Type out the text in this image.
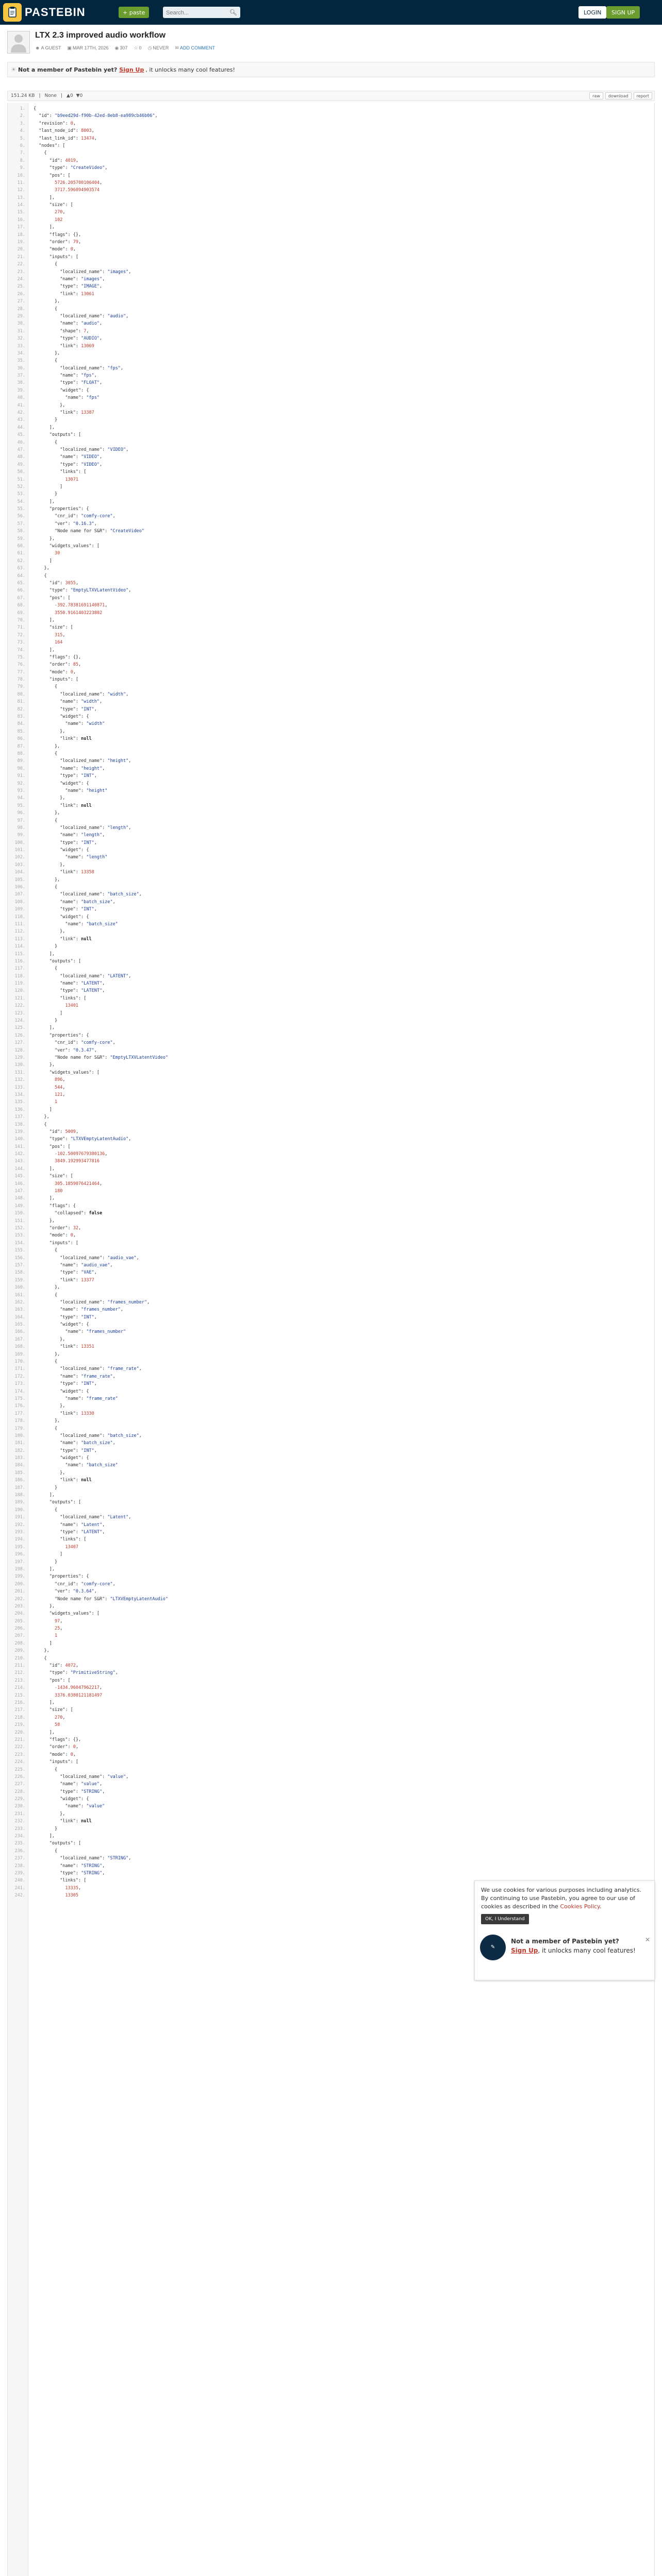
PASTEBIN	+ paste
Search...	🔍︎	LOGIN	SIGN UP
LTX 2.3 improved audio workflow
☻ A GUEST ▣ MAR 17TH, 2026 ◉ 307 ☆ 0 ◷ NEVER ✉ ADD COMMENT
☀ Not a member of Pastebin yet? Sign Up , it unlocks many cool features!
151.24 KB | None | ▲0 ▼0	raw	download	report
1. {
2.	"id": "b9eed29d-f90b-42ed-8eb8-ea989cb46b06",
3.	"revision": 0,
4.	"last_node_id": 8003,
5.	"last_link_id": 13474,
6.	"nodes": [
7. {
8.	"id": 4019,
9.	"type": "CreateVideo",
10.	"pos": [
11.	5726.205700106404,
12.	3717.596094903574
13. ],
14.	"size": [
15.	270,
16.	102
17. ],
18.	"flags": {},
19.	"order": 79,
20.	"mode": 0,
21.	"inputs": [
22. {
23.	"localized_name": "images",
24.	"name": "images",
25.	"type": "IMAGE",
26.	"link": 13061
27. },
28. {
29.	"localized_name": "audio",
30.	"name": "audio",
31.	"shape": 7,
32.	"type": "AUDIO",
33.	"link": 13069
34. },
35. {
36.	"localized_name": "fps",
37.	"name": "fps",
38.	"type": "FLOAT",
39.	"widget": {
40.	"name": "fps"
41. },
42.	"link": 13387
43. }
44. ],
45.	"outputs": [
46. {
47.	"localized_name": "VIDEO",
48.	"name": "VIDEO",
49.	"type": "VIDEO",
50.	"links": [
51.	13071
52. ]
53. }
54. ],
55.	"properties": {
56.	"cnr_id": "comfy-core",
57.	"ver": "0.16.3",
58.	"Node name for S&R": "CreateVideo"
59. },
60.	"widgets_values": [
61.	30
62. ]
63. },
64. {
65.	"id": 3055,
66.	"type": "EmptyLTXVLatentVideo",
67.	"pos": [
68.	-392.78381691140871,
69.	3550.9161403223802
70. ],
71.	"size": [
72.	315,
73.	164
74. ],
75.	"flags": {},
76.	"order": 85,
77.	"mode": 0,
78.	"inputs": [
79. {
80.	"localized_name": "width",
81.	"name": "width",
82.	"type": "INT",
83.	"widget": {
84.	"name": "width"
85. },
86.	"link": null
87. },
88. {
89.	"localized_name": "height",
90.	"name": "height",
91.	"type": "INT",
92.	"widget": {
93.	"name": "height"
94. },
95.	"link": null
96. },
97. {
98.	"localized_name": "length",
99.	"name": "length",
100.	"type": "INT",
101.	"widget": {
102.	"name": "length"
103. },
104.	"link": 13358
105. },
106. {
107.	"localized_name": "batch_size",
108.	"name": "batch_size",
109.	"type": "INT",
110.	"widget": {
111.	"name": "batch_size"
112. },
113.	"link": null
114. }
115. ],
116.	"outputs": [
117. {
118.	"localized_name": "LATENT",
119.	"name": "LATENT",
120.	"type": "LATENT",
121.	"links": [
122.	13401
123. ]
124. }
125. ],
126.	"properties": {
127.	"cnr_id": "comfy-core",
128.	"ver": "0.3.47",
129.	"Node name for S&R": "EmptyLTXVLatentVideo"
130. },
131.	"widgets_values": [
132.	896,
133.	544,
134.	121,
135.	1
136. ]
137. },
138. {
139.	"id": 5009,
140.	"type": "LTXVEmptyLatentAudio",
141.	"pos": [
142.	-102.50097679380136,
143.	3849.192993477816
144. ],
145.	"size": [
146.	305.1859076421464,
147.	180
148. ],
149.	"flags": {
150.	"collapsed": false
151. },
152.	"order": 32,
153.	"mode": 0,
154.	"inputs": [
155. {
156.	"localized_name": "audio_vae",
157.	"name": "audio_vae",
158.	"type": "VAE",
159.	"link": 13377
160. },
161. {
162.	"localized_name": "frames_number",
163.	"name": "frames_number",
164.	"type": "INT",
165.	"widget": {
166.	"name": "frames_number"
167. },
168.	"link": 13351
169. },
170. {
171.	"localized_name": "frame_rate",
172.	"name": "frame_rate",
173.	"type": "INT",
174.	"widget": {
175.	"name": "frame_rate"
176. },
177.	"link": 13330
178. },
179. {
180.	"localized_name": "batch_size",
181.	"name": "batch_size",
182.	"type": "INT",
183.	"widget": {
184.	"name": "batch_size"
185. },
186.	"link": null
187. }
188. ],
189.	"outputs": [
190. {
191.	"localized_name": "Latent",
192.	"name": "Latent",
193.	"type": "LATENT",
194.	"links": [
195.	13407
196. ]
197. }
198. ],
199.	"properties": {
200.	"cnr_id": "comfy-core",
201.	"ver": "0.3.64",
202.	"Node name for S&R": "LTXVEmptyLatentAudio"
203. },
204.	"widgets_values": [
205.	97,
206.	25,
207.	1
208. ]
209. },
210. {
211.	"id": 4072,
212.	"type": "PrimitiveString",
213.	"pos": [
214.	-1434.96047962217,
215.	3376.0380121181497
216. ],
217.	"size": [
218.	270,
219.	58
220. ],
221.	"flags": {},
222.	"order": 0,
223.	"mode": 0,
224.	"inputs": [
225. {
226.	"localized_name": "value",
227.	"name": "value",
228.	"type": "STRING",
229.	"widget": {
230.	"name": "value"
231. },
232.	"link": null
233. }
234. ],
235.	"outputs": [
236. {
237.	"localized_name": "STRING",
238.	"name": "STRING",
239.	"type": "STRING",
240.	"links": [
241.	13335,
242.	13305
We use cookies for various purposes including analytics. By continuing to use Pastebin, you agree to our use of cookies as described in the Cookies Policy.
OK, I Understand
✎
Not a member of Pastebin yet?
Sign Up, it unlocks many cool features!
✕
